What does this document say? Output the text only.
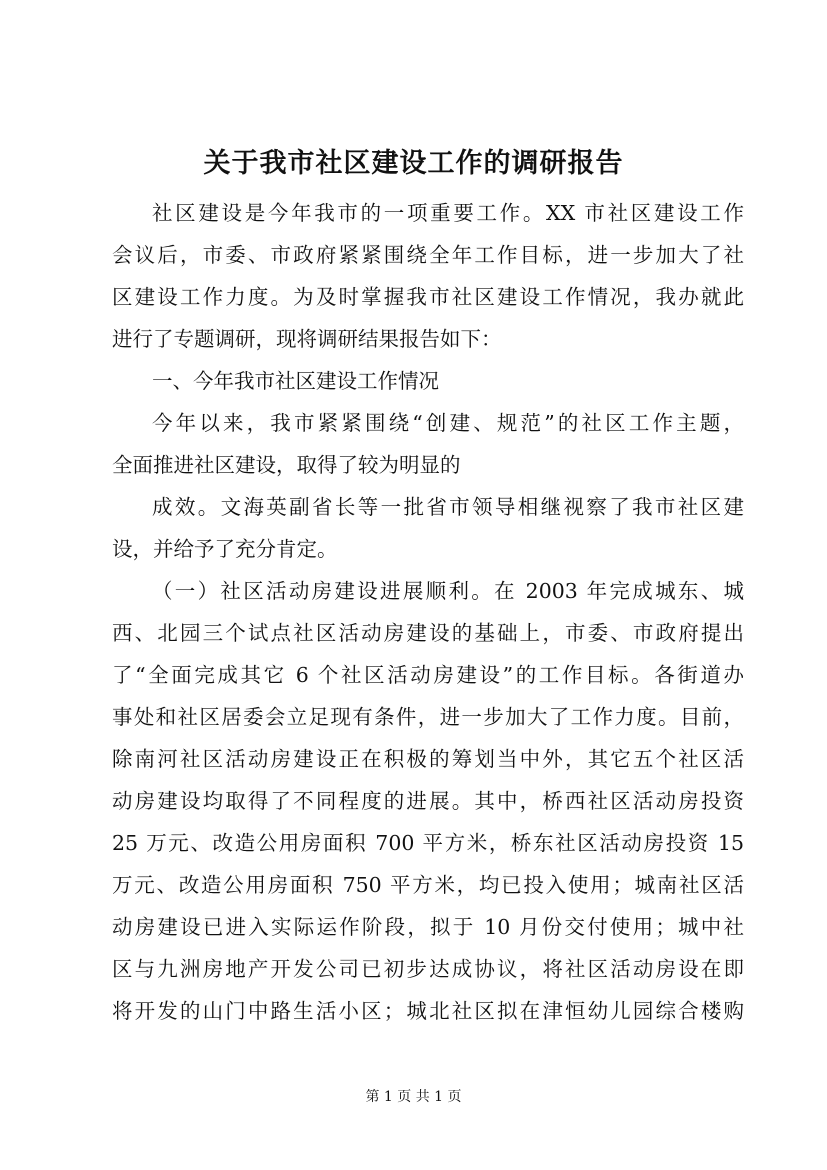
关于我市社区建设工作的调研报告
社区建设是今年我市的一项重要工作。XX 市社区建设工作
会议后，市委、市政府紧紧围绕全年工作目标，进一步加大了社
区建设工作力度。为及时掌握我市社区建设工作情况，我办就此
进行了专题调研，现将调研结果报告如下：
一、今年我市社区建设工作情况
今年以来，我市紧紧围绕“创建、规范”的社区工作主题，
全面推进社区建设，取得了较为明显的
成效。文海英副省长等一批省市领导相继视察了我市社区建
设，并给予了充分肯定。
（一）社区活动房建设进展顺利。在 2003 年完成城东、城
西、北园三个试点社区活动房建设的基础上，市委、市政府提出
了“全面完成其它 6 个社区活动房建设”的工作目标。各街道办
事处和社区居委会立足现有条件，进一步加大了工作力度。目前，
除南河社区活动房建设正在积极的筹划当中外，其它五个社区活
动房建设均取得了不同程度的进展。其中，桥西社区活动房投资
25 万元、改造公用房面积 700 平方米，桥东社区活动房投资 15
万元、改造公用房面积 750 平方米，均已投入使用；城南社区活
动房建设已进入实际运作阶段，拟于 10 月份交付使用；城中社
区与九洲房地产开发公司已初步达成协议，将社区活动房设在即
将开发的山门中路生活小区；城北社区拟在津恒幼儿园综合楼购
第 1 页 共 1 页
